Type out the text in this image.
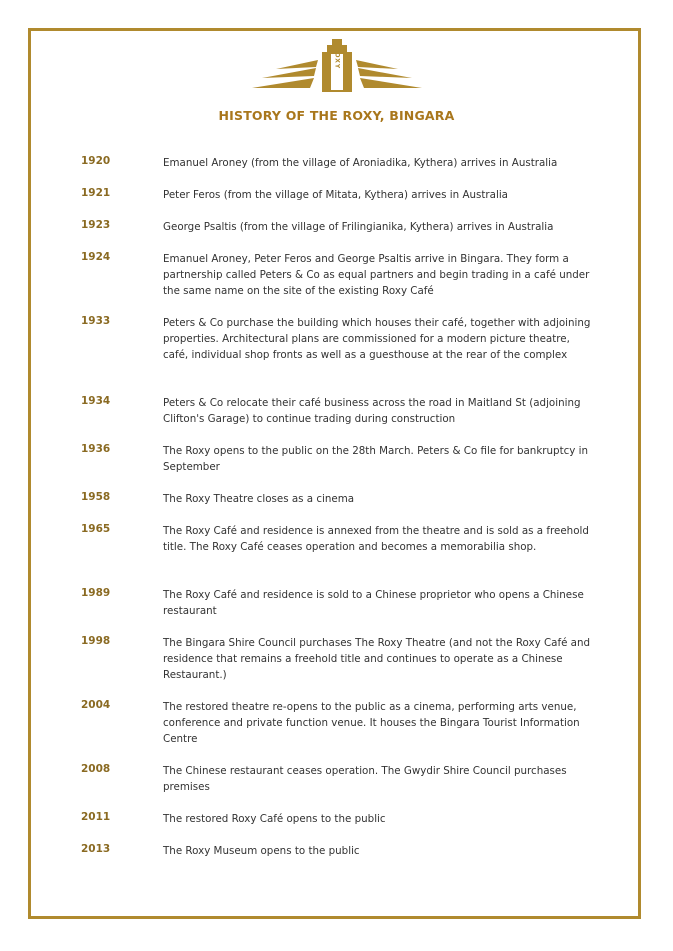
ROXY
HISTORY OF THE ROXY, BINGARA
1920	Emanuel Aroney (from the village of Aroniadika, Kythera) arrives in Australia
1921	Peter Feros (from the village of Mitata, Kythera) arrives in Australia
1923	George Psaltis (from the village of Frilingianika, Kythera) arrives in Australia
1924	Emanuel Aroney, Peter Feros and George Psaltis arrive in Bingara. They form a partnership called Peters & Co as equal partners and begin trading in a café under the same name on the site of the existing Roxy Café
1933	Peters & Co purchase the building which houses their café, together with adjoining properties. Architectural plans are commissioned for a modern picture theatre, café, individual shop fronts as well as a guesthouse at the rear of the complex
1934	Peters & Co relocate their café business across the road in Maitland St (adjoining Clifton's Garage) to continue trading during construction
1936	The Roxy opens to the public on the 28th March. Peters & Co file for bankruptcy in September
1958	The Roxy Theatre closes as a cinema
1965	The Roxy Café and residence is annexed from the theatre and is sold as a freehold title. The Roxy Café ceases operation and becomes a memorabilia shop.
1989	The Roxy Café and residence is sold to a Chinese proprietor who opens a Chinese restaurant
1998	The Bingara Shire Council purchases The Roxy Theatre (and not the Roxy Café and residence that remains a freehold title and continues to operate as a Chinese Restaurant.)
2004	The restored theatre re-opens to the public as a cinema, performing arts venue, conference and private function venue. It houses the Bingara Tourist Information Centre
2008	The Chinese restaurant ceases operation. The Gwydir Shire Council purchases premises
2011	The restored Roxy Café opens to the public
2013	The Roxy Museum opens to the public
